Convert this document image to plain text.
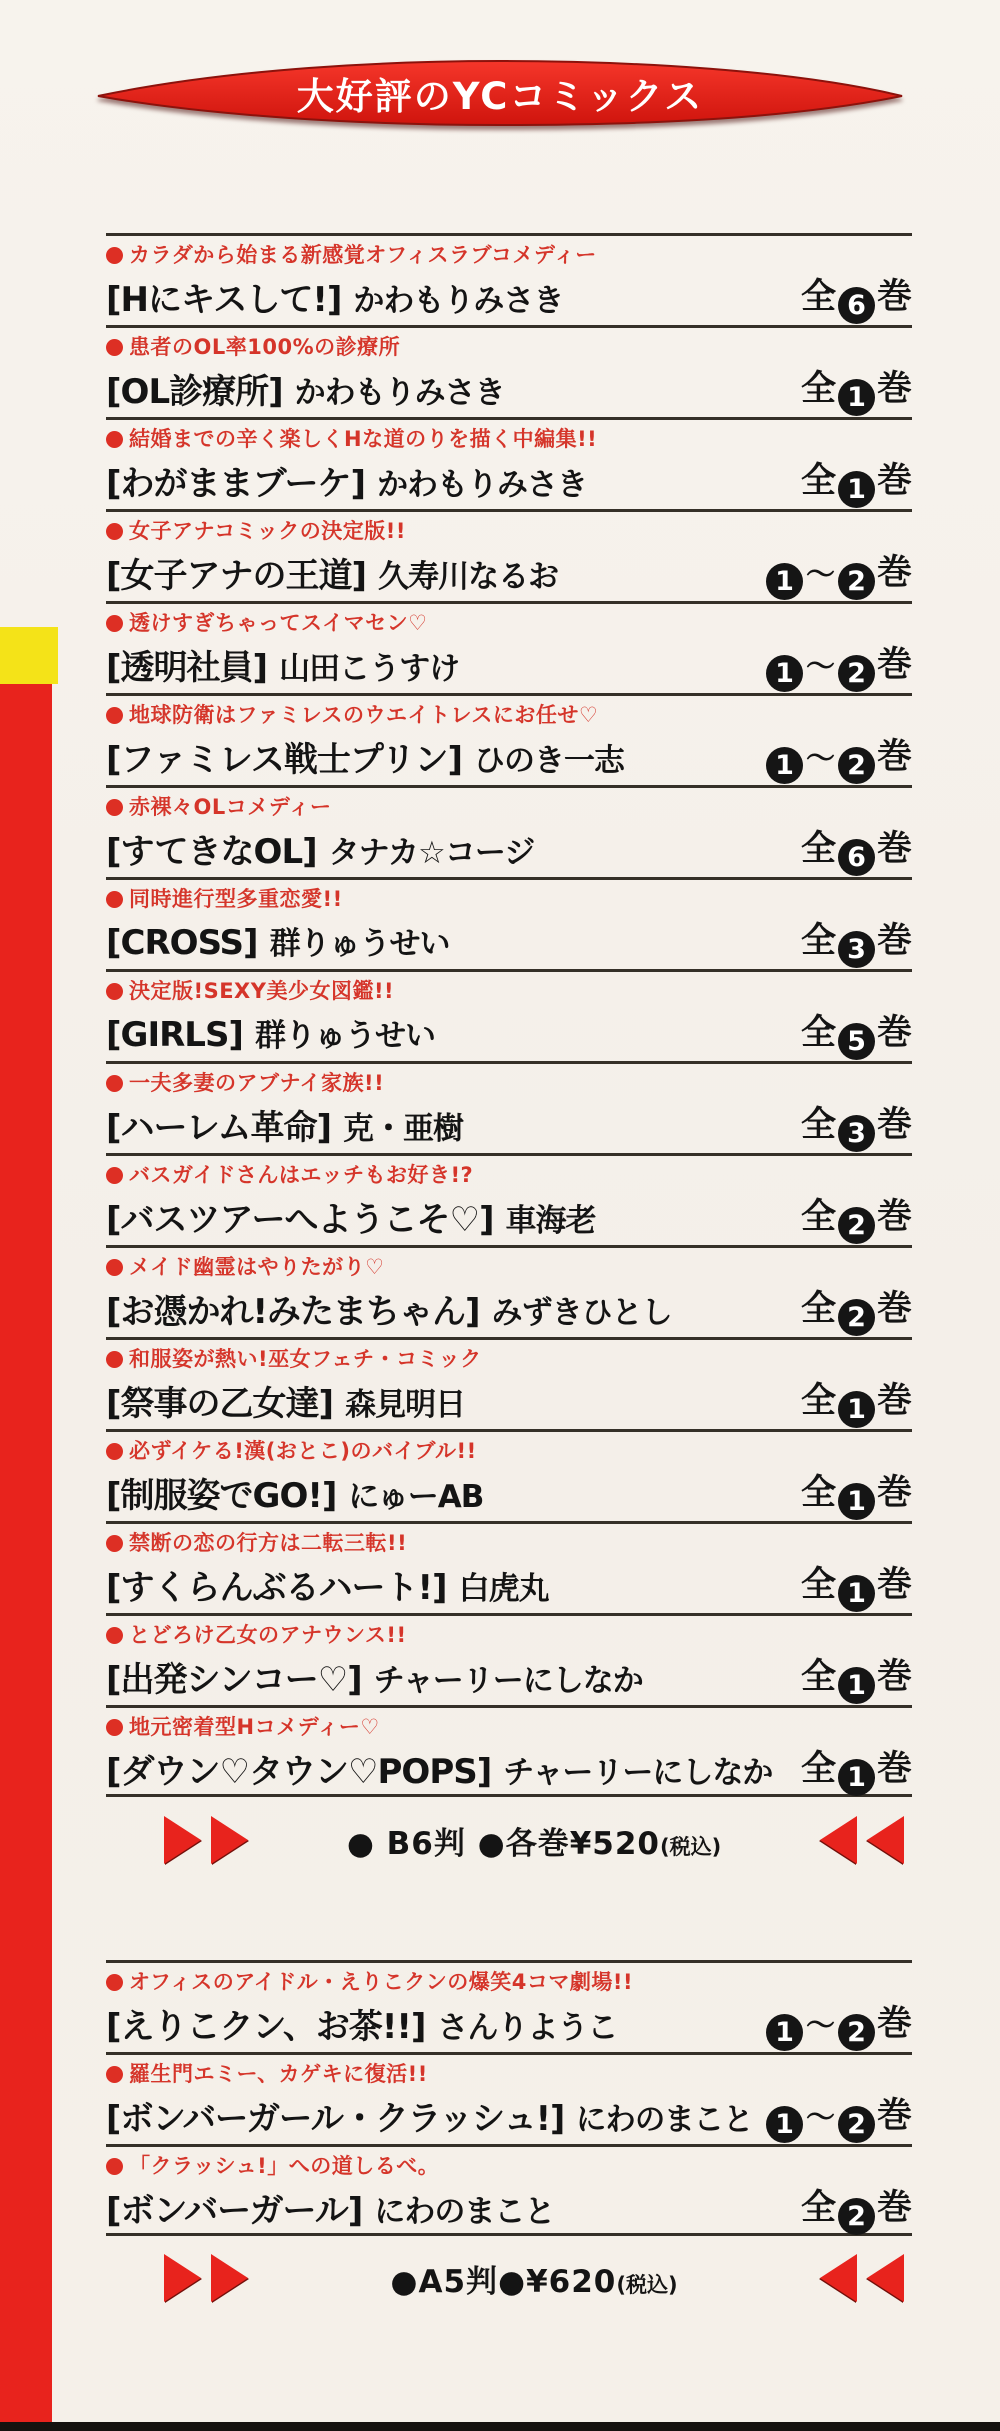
大好評のYCコミックス
カラダから始まる新感覚オフィスラブコメディー
[Hにキスして!] かわもりみさき	全 6 巻
患者のOL率100%の診療所
[OL診療所] かわもりみさき	全 1 巻
結婚までの辛く楽しくHな道のりを描く中編集!!
[わがままブーケ] かわもりみさき	全 1 巻
女子アナコミックの決定版!!
[女子アナの王道] 久寿川なるお	1 〜 2 巻
透けすぎちゃってスイマセン♡
[透明社員] 山田こうすけ	1 〜 2 巻
地球防衛はファミレスのウエイトレスにお任せ♡
[ファミレス戦士プリン] ひのき一志	1 〜 2 巻
赤裸々OLコメディー
[すてきなOL] タナカ☆コージ	全 6 巻
同時進行型多重恋愛!!
[CROSS] 群りゅうせい	全 3 巻
決定版!SEXY美少女図鑑!!
[GIRLS] 群りゅうせい	全 5 巻
一夫多妻のアブナイ家族!!
[ハーレム革命] 克・亜樹	全 3 巻
バスガイドさんはエッチもお好き!?
[バスツアーへようこそ♡] 車海老	全 2 巻
メイド幽霊はやりたがり♡
[お憑かれ!みたまちゃん] みずきひとし	全 2 巻
和服姿が熱い!巫女フェチ・コミック
[祭事の乙女達] 森見明日	全 1 巻
必ずイケる!漢(おとこ)のバイブル!!
[制服姿でGO!] にゅーAB	全 1 巻
禁断の恋の行方は二転三転!!
[すくらんぶるハート!] 白虎丸	全 1 巻
とどろけ乙女のアナウンス!!
[出発シンコー♡] チャーリーにしなか	全 1 巻
地元密着型Hコメディー♡
[ダウン♡タウン♡POPS] チャーリーにしなか 全 1 巻
● B6判 ●各巻¥520(税込)
オフィスのアイドル・えりこクンの爆笑4コマ劇場!!
[えりこクン、お茶!!] さんりようこ	1 〜 2 巻
羅生門エミー、カゲキに復活!!
[ボンバーガール・クラッシュ!] にわのまこと 1 〜 2 巻
「クラッシュ!」への道しるべ。
[ボンバーガール] にわのまこと	全 2 巻
●A5判●¥620(税込)
